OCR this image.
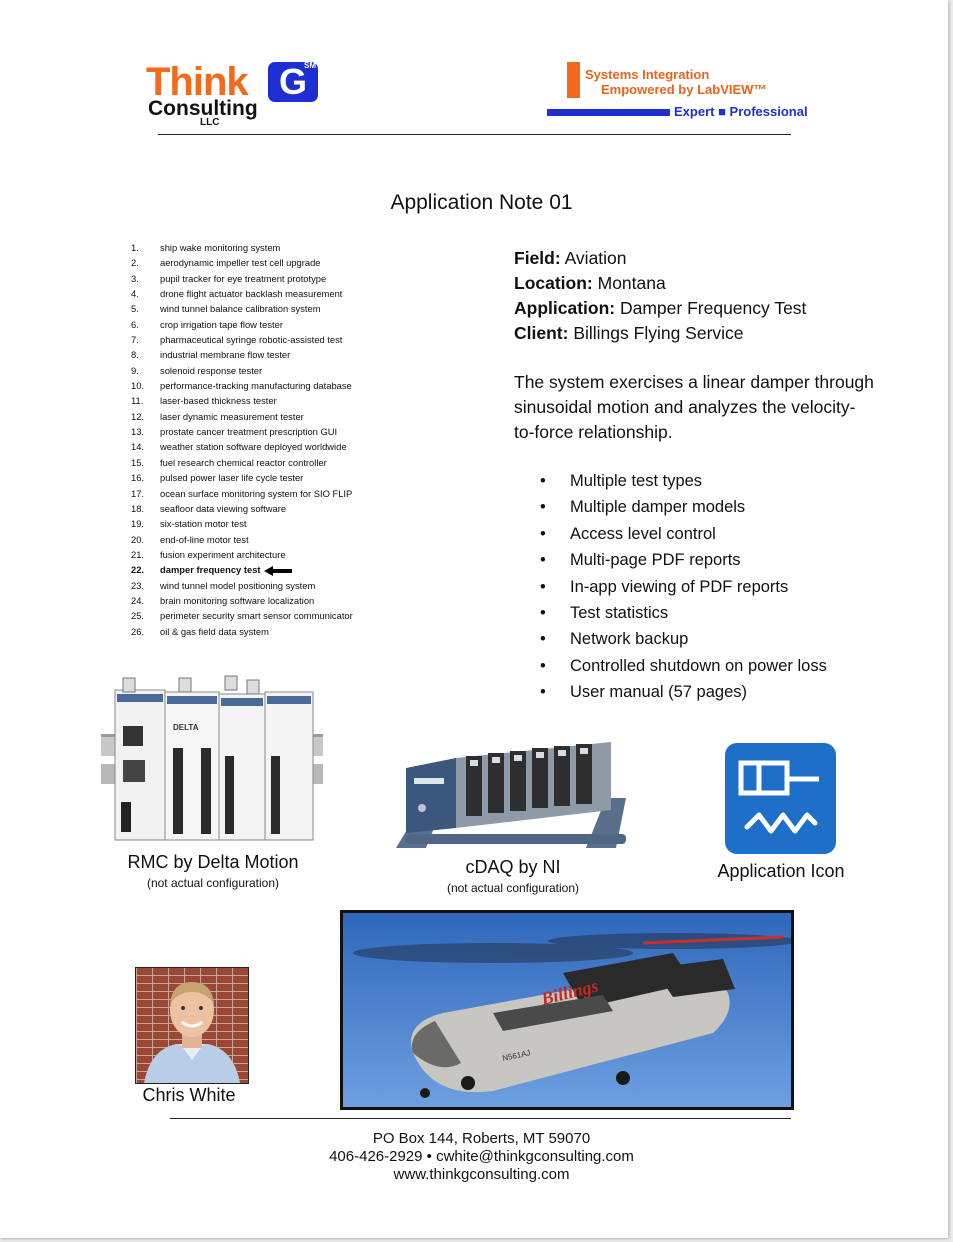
Think G
SM
Consulting
LLC
Systems Integration
Empowered by LabVIEW™
Expert ■ Professional
Application Note 01
1. ship wake monitoring system
2. aerodynamic impeller test cell upgrade
3. pupil tracker for eye treatment prototype
4. drone flight actuator backlash measurement
5. wind tunnel balance calibration system
6. crop irrigation tape flow tester
7. pharmaceutical syringe robotic-assisted test
8. industrial membrane flow tester
9. solenoid response tester
10. performance-tracking manufacturing database
11. laser-based thickness tester
12. laser dynamic measurement tester
13. prostate cancer treatment prescription GUI
14. weather station software deployed worldwide
15. fuel research chemical reactor controller
16. pulsed power laser life cycle tester
17. ocean surface monitoring system for SIO FLIP
18. seafloor data viewing software
19. six-station motor test
20. end-of-line motor test
21. fusion experiment architecture
22. damper frequency test
23. wind tunnel model positioning system
24. brain monitoring software localization
25. perimeter security smart sensor communicator
26. oil & gas field data system
Field: Aviation
Location: Montana
Application: Damper Frequency Test
Client: Billings Flying Service
The system exercises a linear damper through sinusoidal motion and analyzes the velocity-to-force relationship.
• Multiple test types
• Multiple damper models
• Access level control
• Multi-page PDF reports
• In-app viewing of PDF reports
• Test statistics
• Network backup
• Controlled shutdown on power loss
• User manual (57 pages)
DELTA
RMC by Delta Motion
(not actual configuration)
cDAQ by NI
(not actual configuration)
Application Icon
Chris White
Billings
N561AJ
PO Box 144, Roberts, MT 59070
406-426-2929 • cwhite@thinkgconsulting.com
www.thinkgconsulting.com
